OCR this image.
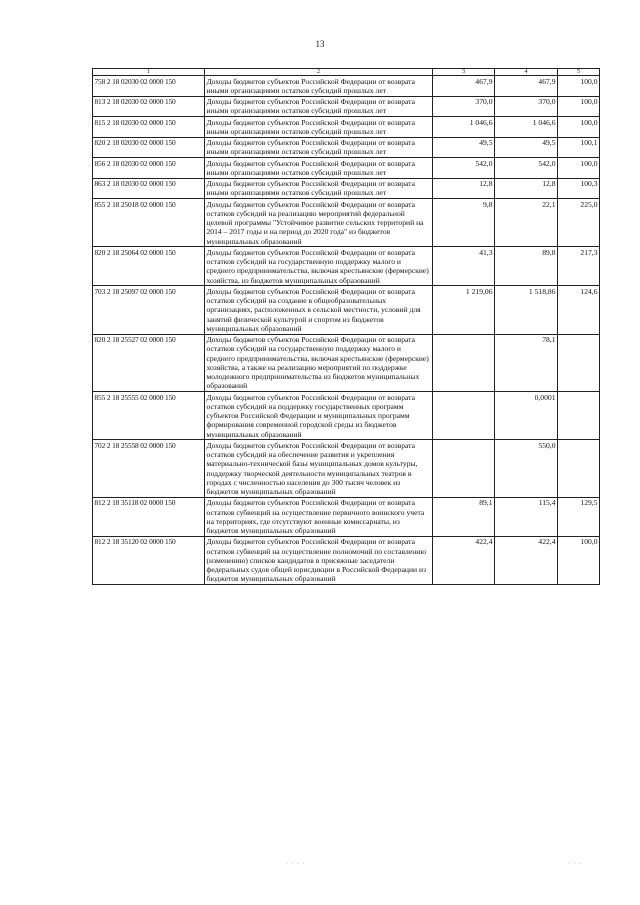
13
1	2	3	4	5
758 2 18 02030 02 0000 150	Доходы бюджетов субъектов Российской Федерации от возврата иными организациями остатков субсидий прошлых лет	467,9	467,9	100,0
813 2 18 02030 02 0000 150	Доходы бюджетов субъектов Российской Федерации от возврата иными организациями остатков субсидий прошлых лет	370,0	370,0	100,0
815 2 18 02030 02 0000 150	Доходы бюджетов субъектов Российской Федерации от возврата иными организациями остатков субсидий прошлых лет	1 046,6	1 046,6	100,0
820 2 18 02030 02 0000 150	Доходы бюджетов субъектов Российской Федерации от возврата иными организациями остатков субсидий прошлых лет	49,5	49,5	100,1
856 2 18 02030 02 0000 150	Доходы бюджетов субъектов Российской Федерации от возврата иными организациями остатков субсидий прошлых лет	542,0	542,0	100,0
863 2 18 02030 02 0000 150	Доходы бюджетов субъектов Российской Федерации от возврата иными организациями остатков субсидий прошлых лет	12,8	12,8	100,3
855 2 18 25018 02 0000 150	Доходы бюджетов субъектов Российской Федерации от возврата остатков субсидий на реализацию мероприятий федеральной целевой программы "Устойчивое развитие сельских территорий на 2014 – 2017 годы и на период до 2020 года" из бюджетов муниципальных образований	9,8	22,1	225,0
820 2 18 25064 02 0000 150	Доходы бюджетов субъектов Российской Федерации от возврата остатков субсидий на государственную поддержку малого и среднего предпринимательства, включая крестьянские (фермерские) хозяйства, из бюджетов муниципальных образований	41,3	89,8	217,3
703 2 18 25097 02 0000 150	Доходы бюджетов субъектов Российской Федерации от возврата остатков субсидий на создание в общеобразовательных организациях, расположенных в сельской местности, условий для занятий физической культурой и спортом из бюджетов муниципальных образований	1 219,06	1 518,86	124,6
820 2 18 25527 02 0000 150	Доходы бюджетов субъектов Российской Федерации от возврата остатков субсидий на государственную поддержку малого и среднего предпринимательства, включая крестьянские (фермерские) хозяйства, а также на реализацию мероприятий по поддержке молодежного предпринимательства из бюджетов муниципальных образований		78,1	
855 2 18 25555 02 0000 150	Доходы бюджетов субъектов Российской Федерации от возврата остатков субсидий на поддержку государственных программ субъектов Российской Федерации и муниципальных программ формирования современной городской среды из бюджетов муниципальных образований		0,0001	
702 2 18 25558 02 0000 150	Доходы бюджетов субъектов Российской Федерации от возврата остатков субсидий на обеспечение развития и укрепления материально-технической базы муниципальных домов культуры, поддержку творческой деятельности муниципальных театров в городах с численностью населения до 300 тысяч человек из бюджетов муниципальных образований		550,0	
812 2 18 35118 02 0000 150	Доходы бюджетов субъектов Российской Федерации от возврата остатков субвенций на осуществление первичного воинского учета на территориях, где отсутствуют военные комиссариаты, из бюджетов муниципальных образований	89,1	115,4	129,5
812 2 18 35120 02 0000 150	Доходы бюджетов субъектов Российской Федерации от возврата остатков субвенций на осуществление полномочий по составлению (изменению) списков кандидатов в присяжные заседатели федеральных судов общей юрисдикции в Российской Федерации из бюджетов муниципальных образований	422,4	422,4	100,0
· · · ·	· · ·
